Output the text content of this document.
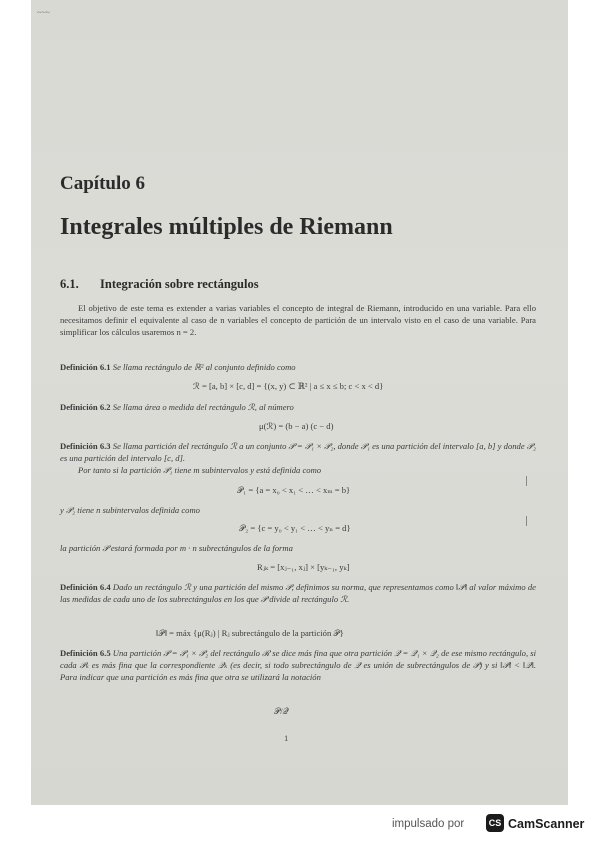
~~~
Capítulo 6
Integrales múltiples de Riemann
6.1. Integración sobre rectángulos
El objetivo de este tema es extender a varias variables el concepto de integral de Riemann, introducido en una variable. Para ello necesitamos definir el equivalente al caso de n variables el concepto de partición de un intervalo visto en el caso de una variable. Para simplificar los cálculos usaremos n = 2.
Definición 6.1 Se llama rectángulo de ℝ² al conjunto definido como
ℛ = [a, b] × [c, d] = {(x, y) ⊂ ℝ² | a ≤ x ≤ b; c < x < d}
Definición 6.2 Se llama área o medida del rectángulo ℛ, al número
μ(ℛ) = (b − a) (c − d)
Definición 6.3 Se llama partición del rectángulo ℛ a un conjunto 𝒫 = 𝒫₁ × 𝒫₂, donde 𝒫₁ es una partición del intervalo [a, b] y donde 𝒫₂ es una partición del intervalo [c, d].
Por tanto si la partición 𝒫₁ tiene m subintervalos y está definida como
𝒫₁ = {a = x₀ < x₁ < … < xₘ = b}
y 𝒫₂ tiene n subintervalos definida como
𝒫₂ = {c = y₀ < y₁ < … < yₙ = d}
la partición 𝒫 estará formada por m · n subrectángulos de la forma
Rⱼₖ = [xⱼ₋₁, xⱼ] × [yₖ₋₁, yₖ]
Definición 6.4 Dado un rectángulo ℛ y una partición del mismo 𝒫, definimos su norma, que representamos como ‖𝒫‖ al valor máximo de las medidas de cada uno de los subrectángulos en los que 𝒫 divide al rectángulo ℛ.
‖𝒫‖ = máx {μ(Rⱼ) | Rⱼ subrectángulo de la partición 𝒫}
Definición 6.5 Una partición 𝒫 = 𝒫₁ × 𝒫₂ del rectángulo ℛ se dice más fina que otra partición 𝒬 = 𝒬₁ × 𝒬₂ de ese mismo rectángulo, si cada 𝒫ₖ es más fina que la correspondiente 𝒬ₖ (es decir, si todo subrectángulo de 𝒬 es unión de subrectángulos de 𝒫) y si ‖𝒫‖ < ‖𝒬‖. Para indicar que una partición es más fina que otra se utilizará la notación
𝒫/𝒬
1
impulsado por	CS CamScanner
